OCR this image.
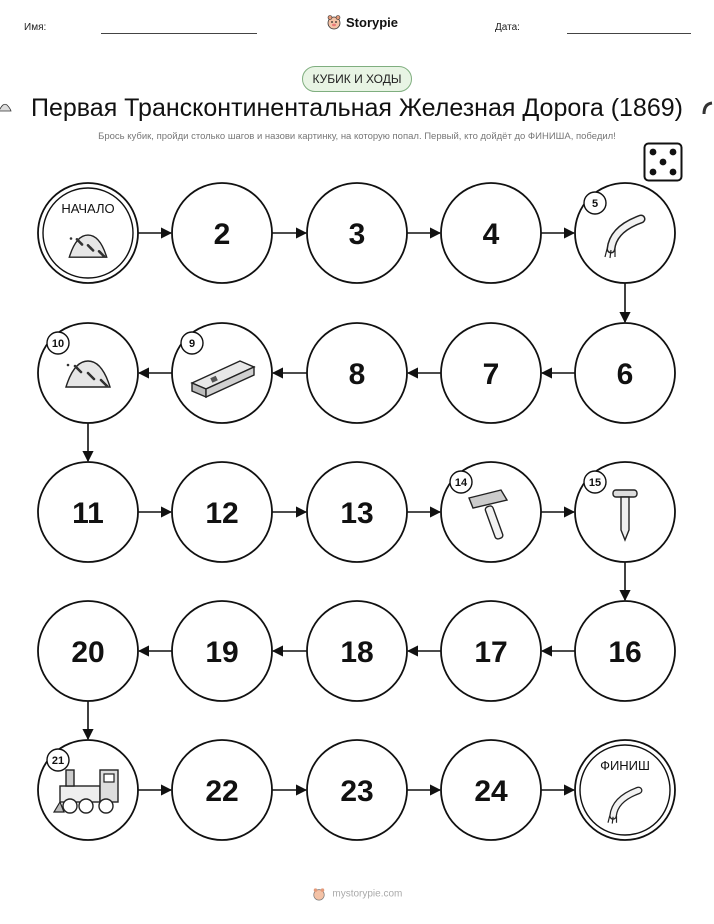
Имя:	Storypie	Дата:
КУБИК И ХОДЫ
Первая Трансконтинентальная Железная Дорога (1869)
Брось кубик, пройди столько шагов и назови картинку, на которую попал. Первый, кто дойдёт до ФИНИША, победил!
НАЧАЛО
2	3	4
5
6
7
8
9
10
11	12	13
14	15
16
17
18
19
20
21
22	23	24
ФИНИШ
mystorypie.com
